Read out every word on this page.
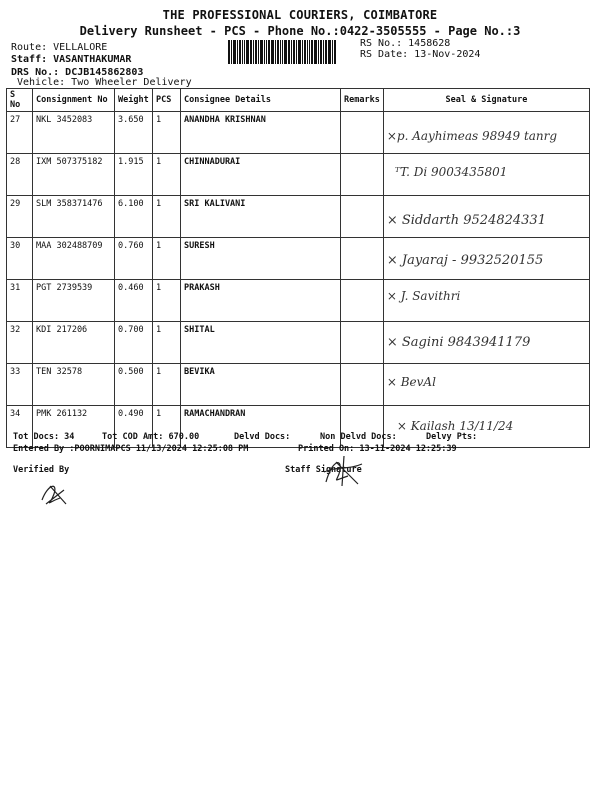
THE PROFESSIONAL COURIERS, COIMBATORE
Delivery Runsheet - PCS - Phone No.:0422-3505555 - Page No.:3
Route: VELLALORE
Staff: VASANTHAKUMAR
DRS No.: DCJB145862803
Vehicle: Two Wheeler Delivery
RS No.: 1458628
RS Date: 13-Nov-2024
S No	Consignment No	Weight	PCS	Consignee Details	Remarks	Seal & Signature
27	NKL 3452083	3.650	1	ANANDHA KRISHNAN		×p. Aayhimeas 98949 tanrg
28	IXM 507375182	1.915	1	CHINNADURAI		ᵀT. Di 9003435801
29	SLM 358371476	6.100	1	SRI KALIVANI		× Siddarth 9524824331
30	MAA 302488709	0.760	1	SURESH		× Jayaraj - 9932520155
31	PGT 2739539	0.460	1	PRAKASH		× J. Savithri
32	KDI 217206	0.700	1	SHITAL		× Sagini 9843941179
33	TEN 32578	0.500	1	BEVIKA		× BevAl
34	PMK 261132	0.490	1	RAMACHANDRAN		× Kailash 13/11/24
Tot Docs: 34	Tot COD Amt: 670.00	Delvd Docs:	Non Delvd Docs:	Delvy Pts:
Entered By :POORNIMAPCS 11/13/2024 12:25:08 PM	Printed On: 13-11-2024 12:25:39
Verified By	Staff Signature
